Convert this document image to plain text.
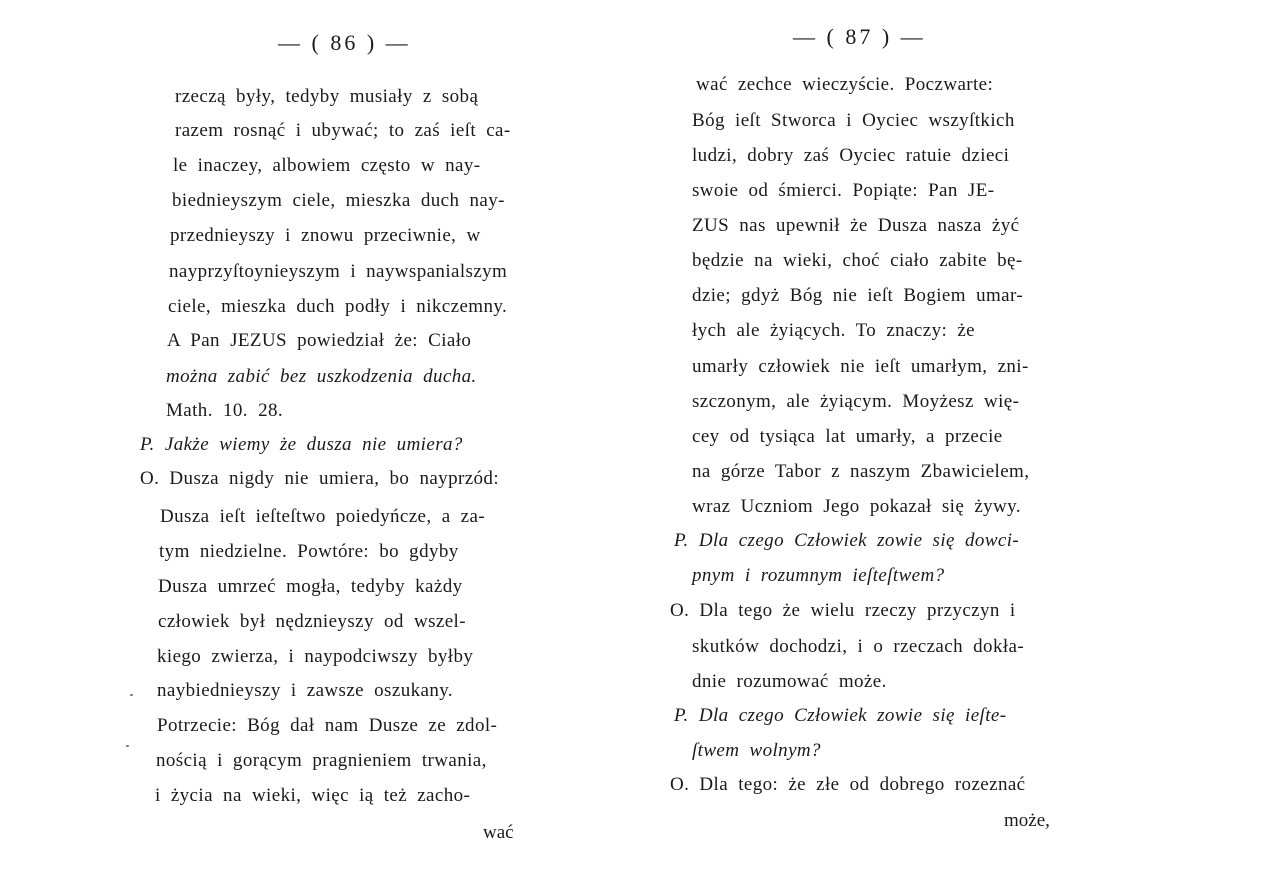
— ( 86 ) —
rzeczą były, tedyby musiały z sobą
razem rosnąć i ubywać; to zaś ieſt ca-
le inaczey, albowiem często w nay-
biednieyszym ciele, mieszka duch nay-
przednieyszy i znowu przeciwnie, w
nayprzyſtoynieyszym i naywspanialszym
ciele, mieszka duch podły i nikczemny.
A Pan JEZUS powiedział że: Ciało
można zabić bez uszkodzenia ducha.
Math. 10. 28.
P. Jakże wiemy że dusza nie umiera?
O. Dusza nigdy nie umiera, bo nayprzód:
Dusza ieſt ieſteſtwo poiedyńcze, a za-
tym niedzielne. Powtóre: bo gdyby
Dusza umrzeć mogła, tedyby każdy
człowiek był nędznieyszy od wszel-
kiego zwierza, i naypodciwszy byłby
naybiednieyszy i zawsze oszukany.
Potrzecie: Bóg dał nam Dusze ze zdol-
nością i gorącym pragnieniem trwania,
i życia na wieki, więc ią też zacho-
wać
— ( 87 ) —
wać zechce wieczyście. Poczwarte:
Bóg ieſt Stworca i Oyciec wszyſtkich
ludzi, dobry zaś Oyciec ratuie dzieci
swoie od śmierci. Popiąte: Pan JE-
ZUS nas upewnił że Dusza nasza żyć
będzie na wieki, choć ciało zabite bę-
dzie; gdyż Bóg nie ieſt Bogiem umar-
łych ale żyiących. To znaczy: że
umarły człowiek nie ieſt umarłym, zni-
szczonym, ale żyiącym. Moyżesz wię-
cey od tysiąca lat umarły, a przecie
na górze Tabor z naszym Zbawicielem,
wraz Uczniom Jego pokazał się żywy.
P. Dla czego Człowiek zowie się dowci-
pnym i rozumnym ieſteſtwem?
O. Dla tego że wielu rzeczy przyczyn i
skutków dochodzi, i o rzeczach dokła-
dnie rozumować może.
P. Dla czego Człowiek zowie się ieſte-
ſtwem wolnym?
O. Dla tego: że złe od dobrego rozeznać
może,
